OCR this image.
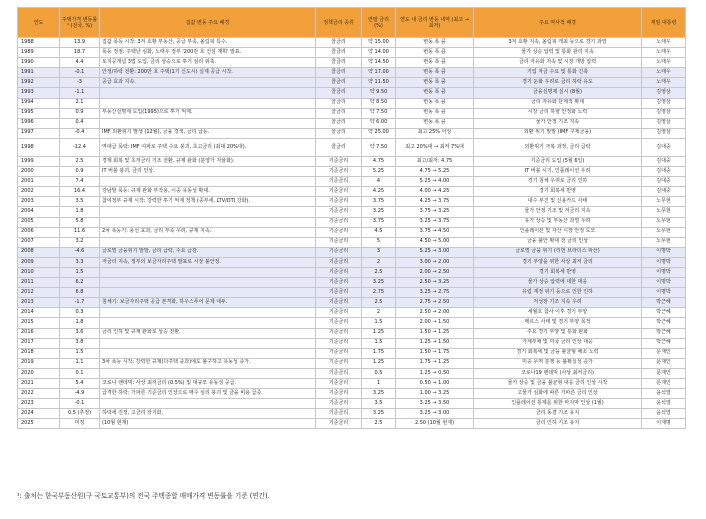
연도	주택가격 변동률¹ (전국, %)	집값 변동 주요 배경	정책금리 종류	연말 금리 (%)	연도 내 금리 변동 내역 (최고 → 최저)	주요 역사적 배경	재임 대통령
1988	13.9	집값 폭등 시작: 3저 호황 부동산, 공급 부족, 올림픽 특수.	콜금리	약 15.00	변동 폭 큼	3저 호황 지속, 올림픽 개최 등으로 경기 과열	노태우
1989	18.7	폭등 정점: 주택난 심화, 노태우 정부 '200만 호 건설 계획' 발표.	콜금리	약 14.00	변동 폭 큼	물가 상승 압력 및 통화 관리 지속	노태우
1990	4.4	토지공개념 3법 도입, 금리 상승으로 투기 심리 위축.	콜금리	약 14.50	변동 폭 큼	금리 자유화 지속 및 시장 개방 압력	노태우
1991	-0.1	안정/하락 전환: 200만 호 주택(1기 신도시) 실제 공급 시작.	콜금리	약 17.00	변동 폭 큼	기업 자금 수요 및 통화 긴축	노태우
1992	-3	공급 효과 지속.	콜금리	약 11.50	변동 폭 큼	경기 둔화 우려로 금리 하락 유도	노태우
1993	-1.1		콜금리	약 9.50	변동 폭 큼	금융실명제 실시 (8월)	김영삼
1994	2.1		콜금리	약 8.50	변동 폭 큼	금리 자유화 단계적 확대	김영삼
1995	0.9	부동산실명제 도입(1995)으로 투기 억제.	콜금리	약 7.50	변동 폭 큼	시장 금리 하향 안정화 노력	김영삼
1996	0.4		콜금리	약 6.00	변동 폭 큼	물가 안정 기조 지속	김영삼
1997	-0.4	IMF 외환위기 발생 (12월), 금융 경색, 금리 급등.	콜금리	약 25.00	최고 25% 이상	외환 위기 발발 (IMF 구제금융)	김영삼
1998	-12.4	역대급 폭락: IMF 여파로 주택 수요 붕괴, 초고금리 (최대 20%대).	콜금리	약 7.50	최고 20%대 → 최저 7%대	외환위기 극복 과정, 금리 급락	김대중
1999	2.5	경제 회복 및 초저금리 기조 전환, 규제 완화 (분양가 자율화).	기준금리	4.75	최고/최저: 4.75	기준금리 도입 (5월 6일)	김대중
2000	0.9	IT 버블 붕괴, 금리 인상.	기준금리	5.25	4.75 → 5.25	IT 버블 시기, 인플레이션 우려	김대중
2001	7.4		기준금리	4	5.25 → 4.00	경기 침체 우려로 금리 인하	김대중
2002	16.4	강남발 폭등: 규제 완화 부작용, 시중 유동성 확대.	기준금리	4.25	4.00 → 4.25	경기 회복세 반영	김대중
2003	3.5	참여정부 규제 시작: 강력한 투기 억제 정책 (종부세, LTV/DTI 강화).	기준금리	3.75	4.25 → 3.75	내수 부진 및 신용카드 사태	노무현
2004	1.8		기준금리	3.25	3.75 → 3.25	물가 안정 기조 및 저금리 지속	노무현
2005	5.8		기준금리	3.75	3.25 → 3.75	유가 상승 및 부동산 과열 우려	노무현
2006	11.6	2차 폭등기: 풍선 효과, 금리 부족 우려, 규제 지속.	기준금리	4.5	3.75 → 4.50	인플레이션 및 자산 시장 안정 도모	노무현
2007	3.2		기준금리	5	4.50 → 5.00	금융 불안 확대 전 금리 인상	노무현
2008	-4.6	글로벌 금융위기 발발, 금리 급락, 수요 급감.	기준금리	3	5.25 → 3.00	글로벌 금융 위기 (리먼 브라더스 파산)	이명박
2009	3.3	저금리 지속, 정부의 보금자리주택 발표로 시장 불안정.	기준금리	2	3.00 → 2.00	경기 부양을 위한 사상 최저 금리	이명박
2010	1.5		기준금리	2.5	2.00 → 2.50	경기 회복세 반영	이명박
2011	6.2		기준금리	3.25	2.50 → 3.25	물가 상승 압력에 대한 대응	이명박
2012	6.8		기준금리	2.75	3.25 → 2.75	유럽 재정 위기 등으로 인한 인하	이명박
2013	-1.7	침체기: 보금자리주택 공급 본격화, 하우스푸어 문제 대두.	기준금리	2.5	2.75 → 2.50	저성장 기조 지속 우려	박근혜
2014	0.3		기준금리	2	2.50 → 2.00	세월호 참사 이후 경기 부양	박근혜
2015	1.8		기준금리	1.5	2.00 → 1.50	메르스 사태 및 경기 부양 목적	박근혜
2016	3.6	금리 인하 및 규제 완화로 상승 전환.	기준금리	1.25	1.50 → 1.25	주요 경기 부양 및 통화 완화	박근혜
2017	3.8		기준금리	1.5	1.25 → 1.50	가계부채 및 미국 금리 인상 대응	박근혜
2018	1.5		기준금리	1.75	1.50 → 1.75	경기 회복세 및 금융 불균형 해소 노력	문재인
2019	1.1	3차 폭등 시작: 강력한 규제(다주택 중과)에도 불구하고 유동성 증가.	기준금리	1.25	1.75 → 1.25	미중 무역 분쟁 등 불확실성 증가	문재인
2020	0.1		기준금리	0.5	1.25 → 0.50	코로나19 팬데믹 (사상 최저금리)	문재인
2021	5.4	코로나 팬데믹: 사상 최저금리 (0.5%) 및 대규모 유동성 공급.	기준금리	1	0.50 → 1.00	물가 상승 및 금융 불균형 대응 금리 인상 시작	문재인
2022	-4.9	급격한 하락: 가파른 기준금리 인상으로 매수 심리 붕괴 및 금융 비용 급증.	기준금리	3.25	1.00 → 3.25	고물가 심화에 따른 가파른 금리 인상	윤석열
2023	-0.1		기준금리	3.5	3.25 → 3.50	인플레이션 통제를 위한 마지막 인상 (1월)	윤석열
2024	0.5 (추정)	하락세 진정, 고금리 장기화.	기준금리	3.25	3.25 → 3.00	금리 동결 기조 유지	윤석열
2025	미정	(10월 현재)	기준금리	2.5	2.50 (10월 현재)	금리 인하 기조 유지	이재명
¹: 출처는 한국부동산원(구 국토교통부)의 전국 주택종합 매매가격 변동률을 기준 (연간).
